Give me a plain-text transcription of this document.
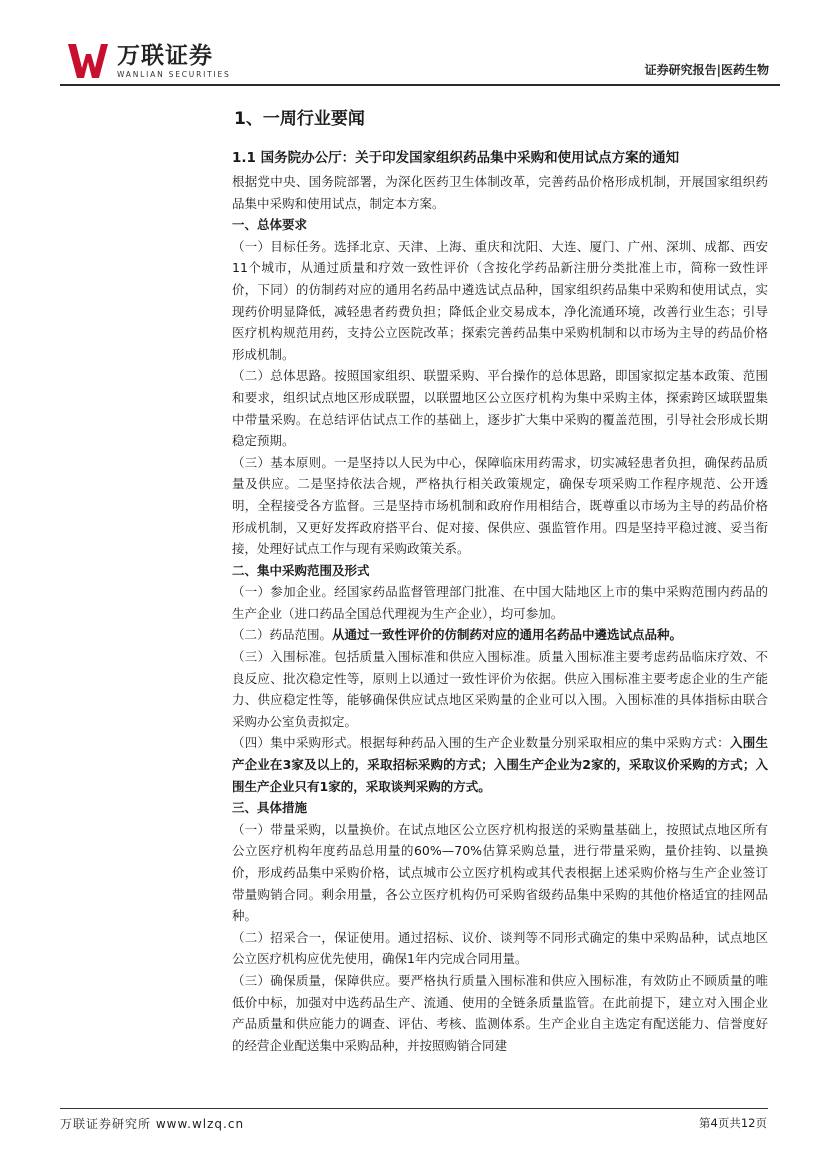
万联证券
WANLIAN SECURITIES	证券研究报告|医药生物
1、一周行业要闻
1.1 国务院办公厅：关于印发国家组织药品集中采购和使用试点方案的通知

根据党中央、国务院部署，为深化医药卫生体制改革，完善药品价格形成机制，开展国家组织药品集中采购和使用试点，制定本方案。

一、总体要求

（一）目标任务。选择北京、天津、上海、重庆和沈阳、大连、厦门、广州、深圳、成都、西安11个城市，从通过质量和疗效一致性评价（含按化学药品新注册分类批准上市，简称一致性评价，下同）的仿制药对应的通用名药品中遴选试点品种，国家组织药品集中采购和使用试点，实现药价明显降低，减轻患者药费负担；降低企业交易成本，净化流通环境，改善行业生态；引导医疗机构规范用药，支持公立医院改革；探索完善药品集中采购机制和以市场为主导的药品价格形成机制。

（二）总体思路。按照国家组织、联盟采购、平台操作的总体思路，即国家拟定基本政策、范围和要求，组织试点地区形成联盟，以联盟地区公立医疗机构为集中采购主体，探索跨区域联盟集中带量采购。在总结评估试点工作的基础上，逐步扩大集中采购的覆盖范围，引导社会形成长期稳定预期。

（三）基本原则。一是坚持以人民为中心，保障临床用药需求，切实减轻患者负担，确保药品质量及供应。二是坚持依法合规，严格执行相关政策规定，确保专项采购工作程序规范、公开透明，全程接受各方监督。三是坚持市场机制和政府作用相结合，既尊重以市场为主导的药品价格形成机制，又更好发挥政府搭平台、促对接、保供应、强监管作用。四是坚持平稳过渡、妥当衔接，处理好试点工作与现有采购政策关系。

二、集中采购范围及形式

（一）参加企业。经国家药品监督管理部门批准、在中国大陆地区上市的集中采购范围内药品的生产企业（进口药品全国总代理视为生产企业），均可参加。

（二）药品范围。从通过一致性评价的仿制药对应的通用名药品中遴选试点品种。

（三）入围标准。包括质量入围标准和供应入围标准。质量入围标准主要考虑药品临床疗效、不良反应、批次稳定性等，原则上以通过一致性评价为依据。供应入围标准主要考虑企业的生产能力、供应稳定性等，能够确保供应试点地区采购量的企业可以入围。入围标准的具体指标由联合采购办公室负责拟定。

（四）集中采购形式。根据每种药品入围的生产企业数量分别采取相应的集中采购方式：入围生产企业在3家及以上的，采取招标采购的方式；入围生产企业为2家的，采取议价采购的方式；入围生产企业只有1家的，采取谈判采购的方式。

三、具体措施

（一）带量采购，以量换价。在试点地区公立医疗机构报送的采购量基础上，按照试点地区所有公立医疗机构年度药品总用量的60%—70%估算采购总量，进行带量采购，量价挂钩、以量换价，形成药品集中采购价格，试点城市公立医疗机构或其代表根据上述采购价格与生产企业签订带量购销合同。剩余用量，各公立医疗机构仍可采购省级药品集中采购的其他价格适宜的挂网品种。

（二）招采合一，保证使用。通过招标、议价、谈判等不同形式确定的集中采购品种，试点地区公立医疗机构应优先使用，确保1年内完成合同用量。

（三）确保质量，保障供应。要严格执行质量入围标准和供应入围标准，有效防止不顾质量的唯低价中标，加强对中选药品生产、流通、使用的全链条质量监管。在此前提下，建立对入围企业产品质量和供应能力的调查、评估、考核、监测体系。生产企业自主选定有配送能力、信誉度好的经营企业配送集中采购品种，并按照购销合同建

万联证券研究所 www.wlzq.cn	第4页共12页
